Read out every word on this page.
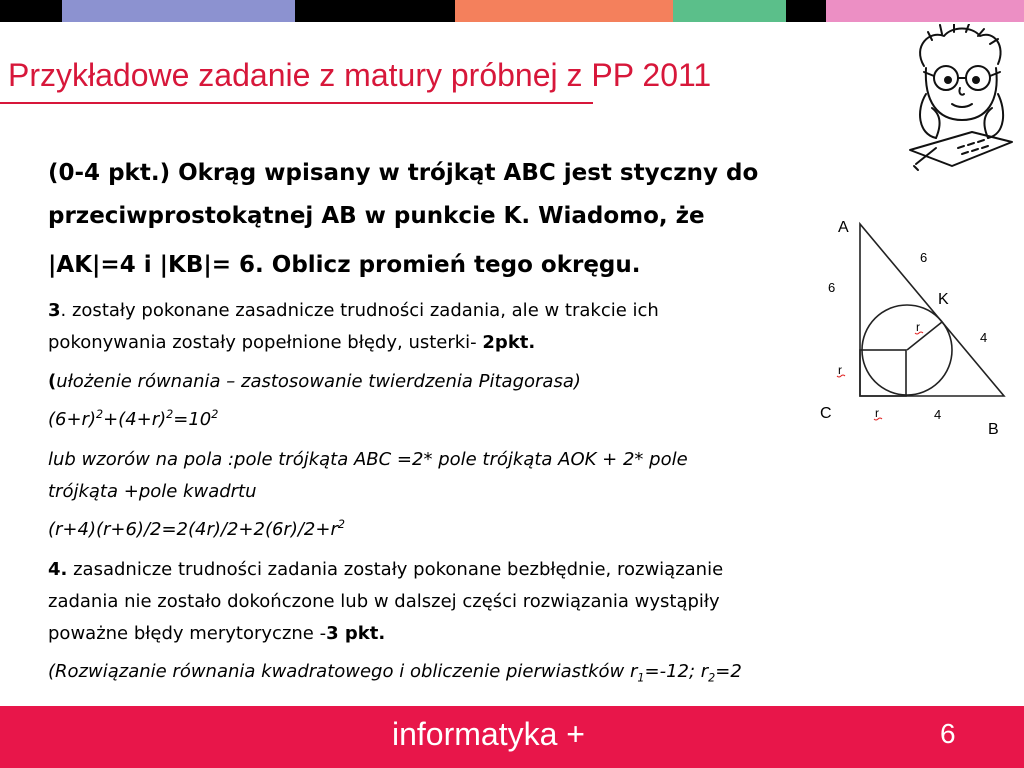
Przykładowe zadanie z matury próbnej z PP 2011
(0-4 pkt.) Okrąg wpisany w trójkąt ABC jest styczny do
przeciwprostokątnej AB w punkcie K. Wiadomo, że
|AK|=4 i |KB|= 6. Oblicz promień tego okręgu.
3. zostały pokonane zasadnicze trudności zadania, ale w trakcie ich
pokonywania zostały popełnione błędy, usterki- 2pkt.
(ułożenie równania – zastosowanie twierdzenia Pitagorasa)
$(6+r)^2+(4+r)^2=10^2$
lub wzorów na pola :pole trójkąta ABC =2* pole trójkąta AOK + 2* pole
trójkąta +pole kwadrtu
$(r+4)(r+6)/2=2(4r)/2+2(6r)/2+r^2$
4. zasadnicze trudności zadania zostały pokonane bezbłędnie, rozwiązanie
zadania nie zostało dokończone lub w dalszej części rozwiązania wystąpiły
poważne błędy merytoryczne -3 pkt.
(Rozwiązanie równania kwadratowego i obliczenie pierwiastków $r_1=-12$; $r_2=2$
A
K
C
B
6
6
4
4
r
r
r
informatyka +	6
